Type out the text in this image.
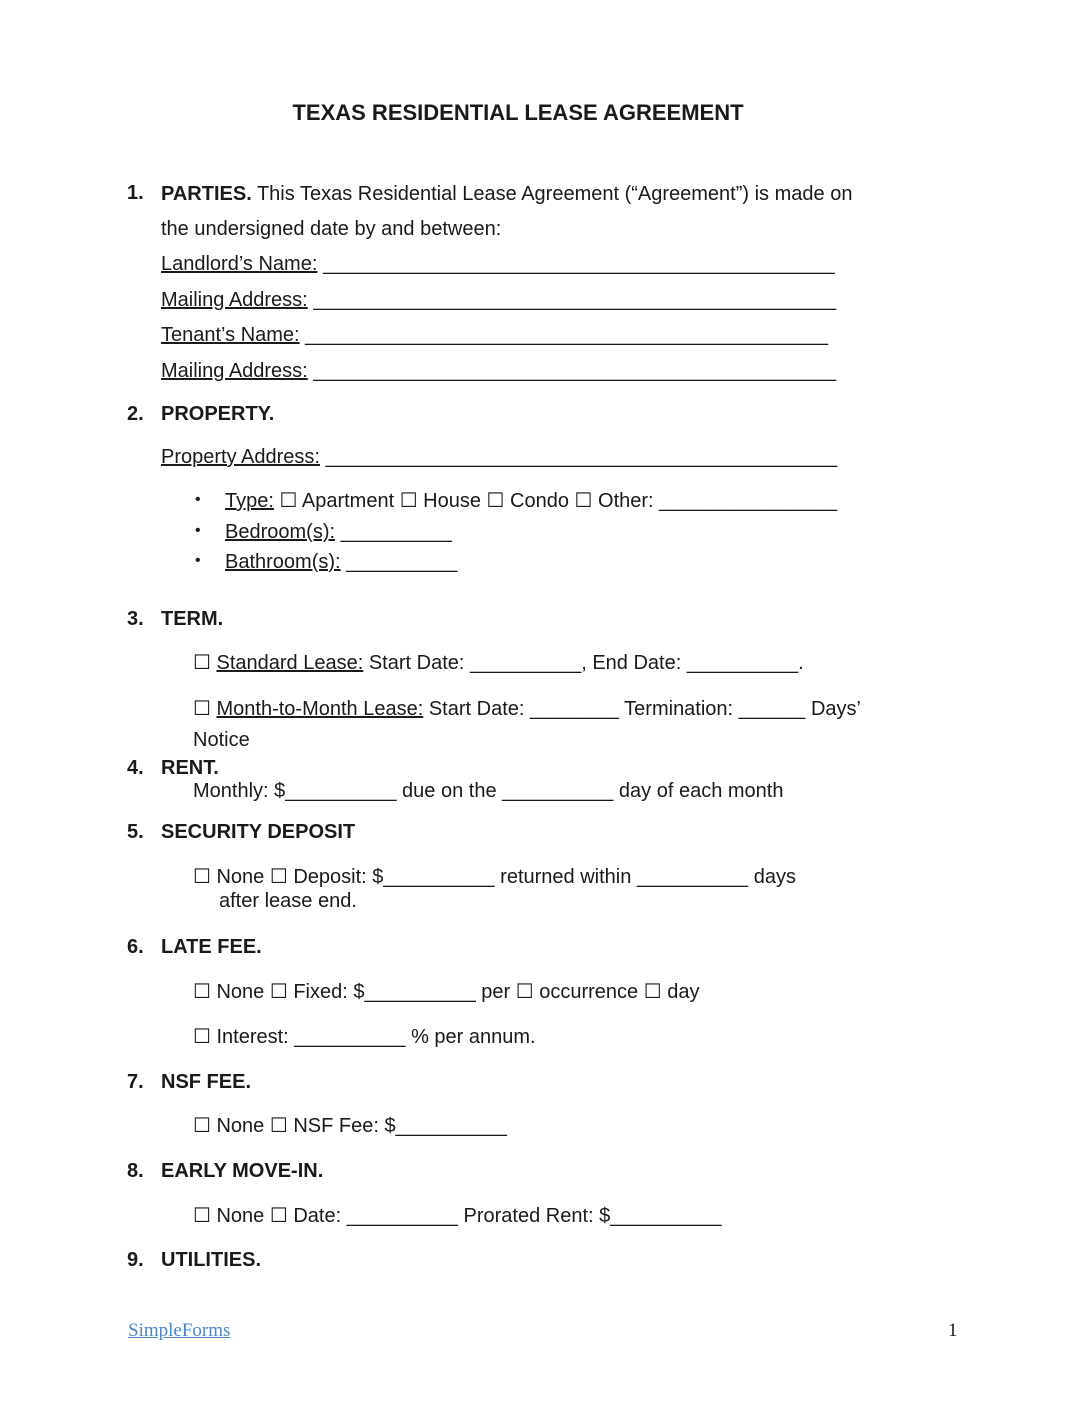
TEXAS RESIDENTIAL LEASE AGREEMENT
1. PARTIES. This Texas Residential Lease Agreement (“Agreement”) is made on
the undersigned date by and between:
Landlord’s Name: ______________________________________________
Mailing Address: _______________________________________________
Tenant’s Name: _______________________________________________
Mailing Address: _______________________________________________
2. PROPERTY.
Property Address: ______________________________________________
• Type: ☐ Apartment ☐ House ☐ Condo ☐ Other: ________________
• Bedroom(s): __________
• Bathroom(s): __________
3. TERM.
☐ Standard Lease: Start Date: __________, End Date: __________.
☐ Month-to-Month Lease: Start Date: ________ Termination: ______ Days’
Notice
4. RENT.
Monthly: $__________ due on the __________ day of each month
5. SECURITY DEPOSIT
☐ None ☐ Deposit: $__________ returned within __________ days
after lease end.
6. LATE FEE.
☐ None ☐ Fixed: $__________ per ☐ occurrence ☐ day
☐ Interest: __________ % per annum.
7. NSF FEE.
☐ None ☐ NSF Fee: $__________
8. EARLY MOVE-IN.
☐ None ☐ Date: __________ Prorated Rent: $__________
9. UTILITIES.
SimpleForms	1
